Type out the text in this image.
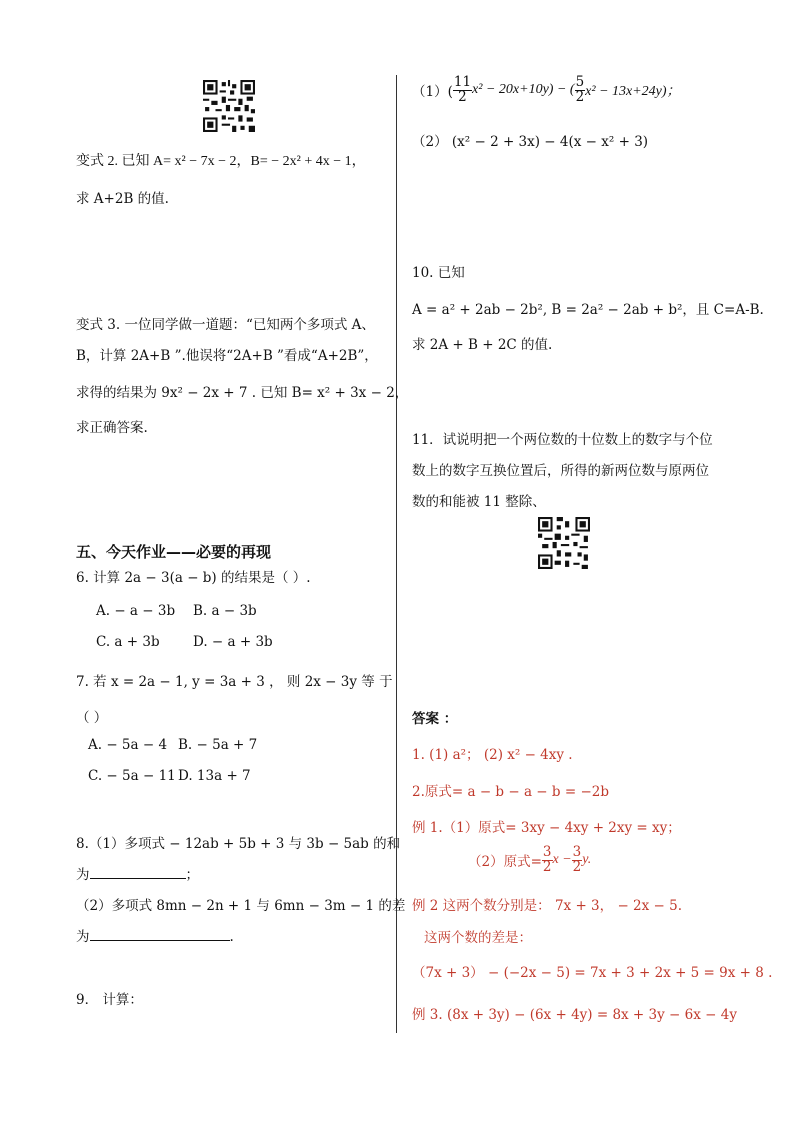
变式 2. 已知 A= x² − 7x − 2，B= − 2x² + 4x − 1，
求 A+2B 的值.
变式 3. 一位同学做一道题：“已知两个多项式 A、
B，计算 2A+B ”.他误将“2A+B ”看成“A+2B”，
求得的结果为 9x² − 2x + 7 . 已知 B= x² + 3x − 2，
求正确答案.
五、今天作业——必要的再现
6. 计算 2a − 3(a − b) 的结果是（ ）.
A. − a − 3b B. a − 3b
C. a + 3b D. − a + 3b
7. 若 x = 2a − 1, y = 3a + 3 ， 则 2x − 3y 等 于
（ ）
A. − 5a − 4 B. − 5a + 7
C. − 5a − 11 D. 13a + 7
8.（1）多项式 − 12ab + 5b + 3 与 3b − 5ab 的和
为	；
（2）多项式 8mn − 2n + 1 与 6mn − 3m − 1 的差
为	.
9． 计算：
$(1)( \frac{11}{2} x^2 - 20x+10y)$ − ( $\frac{5}{2} x^2 - 13x+24y$)；
（2） (x² − 2 + 3x) − 4(x − x² + 3)
10. 已知
A = a² + 2ab − 2b², B = 2a² − 2ab + b²，且 C=A-B.
求 2A + B + 2C 的值.
11．试说明把一个两位数的十位数上的数字与个位
数上的数字互换位置后，所得的新两位数与原两位
数的和能被 11 整除、
答案 ：
1. (1) a²； (2) x² − 4xy .
2.原式= a − b − a − b = −2b
例 1.（1）原式= 3xy − 4xy + 2xy = xy；
（2）原式= $\frac{3}{2}$ $x - \frac{3}{2} y$.
例 2 这两个数分别是： 7x + 3， − 2x − 5.
这两个数的差是：
（7x + 3） − (−2x − 5) = 7x + 3 + 2x + 5 = 9x + 8 .
例 3. (8x + 3y) − (6x + 4y) = 8x + 3y − 6x − 4y
